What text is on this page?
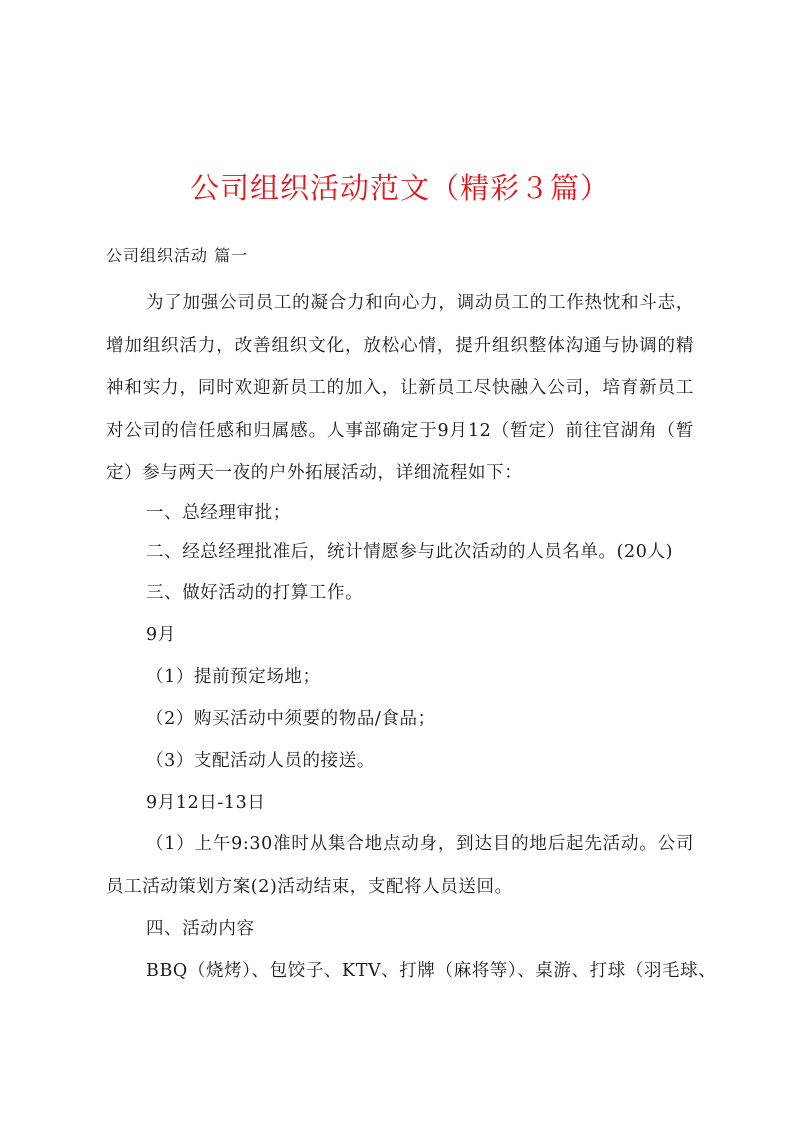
公司组织活动范文（精彩３篇）
公司组织活动 篇一

为了加强公司员工的凝合力和向心力，调动员工的工作热忱和斗志，增加组织活力，改善组织文化，放松心情，提升组织整体沟通与协调的精神和实力，同时欢迎新员工的加入，让新员工尽快融入公司，培育新员工对公司的信任感和归属感。人事部确定于9月12（暂定）前往官湖角（暂定）参与两天一夜的户外拓展活动，详细流程如下：

一、总经理审批；
二、经总经理批准后，统计情愿参与此次活动的人员名单。(20人)
三、做好活动的打算工作。
9月
（1）提前预定场地；
（2）购买活动中须要的物品/食品；
（3）支配活动人员的接送。
9月12日-13日

（1）上午9:30准时从集合地点动身，到达目的地后起先活动。公司员工活动策划方案(2)活动结束，支配将人员送回。

四、活动内容
BBQ（烧烤）、包饺子、KTV、打牌（麻将等）、桌游、打球（羽毛球、
